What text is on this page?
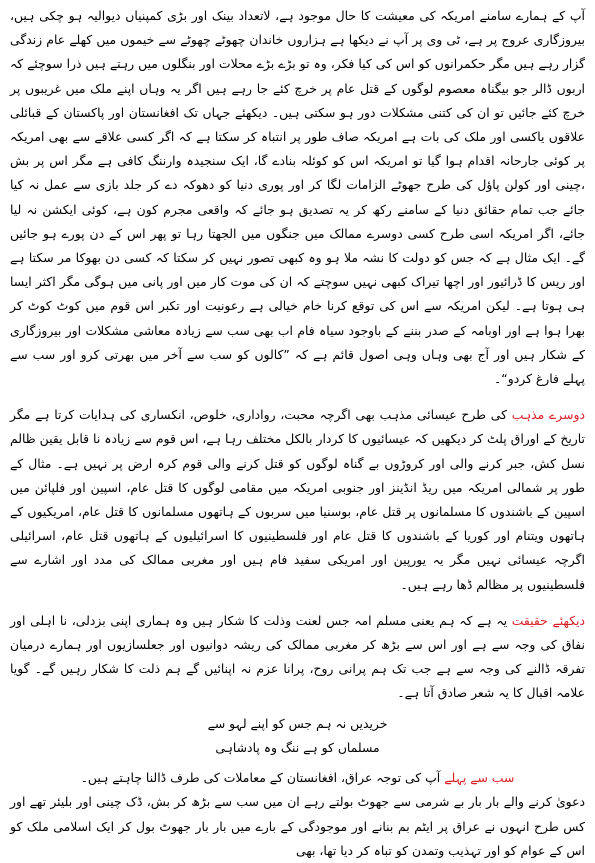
آپ کے ہمارے سامنے امریکہ کی معیشت کا حال موجود ہے، لاتعداد بینک اور بڑی کمپنیاں دیوالیہ ہو چکی ہیں، بیروزگاری عروج پر ہے، ٹی وی پر آپ نے دیکھا ہے ہزاروں خاندان چھوٹے چھوٹے سے خیموں میں کھلے عام زندگی گزار رہے ہیں مگر حکمرانوں کو اس کی کیا فکر، وہ تو بڑے بڑے محلات اور بنگلوں میں رہتے ہیں ذرا سوچئے کہ اربوں ڈالر جو بیگناہ معصوم لوگوں کے قتل عام پر خرچ کئے جا رہے ہیں اگر یہ وہاں اپنے ملک میں غریبوں پر خرچ کئے جائیں تو ان کی کتنی مشکلات دور ہو سکتی ہیں۔ دیکھئے جہاں تک افغانستان اور پاکستان کے قبائلی علاقوں یاکسی اور ملک کی بات ہے امریکہ صاف طور پر انتباہ کر سکتا ہے کہ اگر کسی علاقے سے بھی امریکہ پر کوئی جارحانہ اقدام ہوا گیا تو امریکہ اس کو کوئلہ بنادے گا، ایک سنجیدہ وارننگ کافی ہے مگر اس پر بش ،چینی اور کولن پاؤل کی طرح جھوٹے الزامات لگا کر اور پوری دنیا کو دھوکہ دے کر جلد بازی سے عمل نہ کیا جائے جب تمام حقائق دنیا کے سامنے رکھ کر یہ تصدیق ہو جائے کہ واقعی مجرم کون ہے، کوئی ایکشن نہ لیا جائے، اگر امریکہ اسی طرح کسی دوسرے ممالک میں جنگوں میں الجھتا رہا تو پھر اس کے دن پورے ہو جائیں گے۔ ایک مثال ہے کہ جس کو دولت کا نشہ ملا ہو وہ کبھی تصور نہیں کر سکتا کہ کسی دن بھوکا مر سکتا ہے اور ریس کا ڈرائیور اور اچھا تیراک کبھی نہیں سوچتے کہ ان کی موت کار میں اور پانی میں ہوگی مگر اکثر ایسا ہی ہوتا ہے۔ لیکن امریکہ سے اس کی توقع کرنا خام خیالی ہے رعونیت اور تکبر اس قوم میں کوٹ کوٹ کر بھرا ہوا ہے اور اوبامہ کے صدر بننے کے باوجود سیاہ فام اب بھی سب سے زیادہ معاشی مشکلات اور بیروزگاری کے شکار ہیں اور آج بھی وہاں وہی اصول قائم ہے کہ ”کالوں کو سب سے آخر میں بھرتی کرو اور سب سے پہلے فارغ کردو“۔

دوسرے مذہب کی طرح عیسائی مذہب بھی اگرچہ محبت، رواداری، خلوص، انکساری کی ہدایات کرتا ہے مگر تاریخ کے اوراق پلٹ کر دیکھیں کہ عیسائیوں کا کردار بالکل مختلف رہا ہے، اس قوم سے زیادہ نا قابل یقین ظالم نسل کش، جبر کرنے والی اور کروڑوں بے گناہ لوگوں کو قتل کرنے والی قوم کرہ ارض پر نہیں ہے۔ مثال کے طور پر شمالی امریکہ میں ریڈ انڈینز اور جنوبی امریکہ میں مقامی لوگوں کا قتل عام، اسپین اور فلپائن میں اسپین کے باشندوں کا مسلمانوں پر قتل عام، بوسنیا میں سربوں کے ہاتھوں مسلمانوں کا قتل عام، امریکیوں کے ہاتھوں ویتنام اور کوریا کے باشندوں کا قتل عام اور فلسطینیوں کا اسرائیلیوں کے ہاتھوں قتل عام، اسرائیلی اگرچہ عیسائی نہیں مگر یہ یورپین اور امریکی سفید فام ہیں اور مغربی ممالک کی مدد اور اشارے سے فلسطینیوں پر مظالم ڈھا رہے ہیں۔

دیکھئے حقیقت یہ ہے کہ ہم یعنی مسلم امہ جس لعنت وذلت کا شکار ہیں وہ ہماری اپنی بزدلی، نا اہلی اور نفاق کی وجہ سے ہے اور اس سے بڑھ کر مغربی ممالک کی ریشہ دوانیوں اور جعلسازیوں اور ہمارے درمیان تفرقہ ڈالنے کی وجہ سے ہے جب تک ہم پرانی روح، پرانا عزم نہ اپنائیں گے ہم ذلت کا شکار رہیں گے۔ گویا علامہ اقبال کا یہ شعر صادق آتا ہے۔

خریدیں نہ ہم جس کو اپنے لہو سے
مسلماں کو ہے ننگ وہ پادشاہی

سب سے پہلے آپ کی توجہ عراق، افغانستان کے معاملات کی طرف ڈالنا چاہتے ہیں۔

دعویٰ کرنے والے بار بار بے شرمی سے جھوٹ بولتے رہے ان میں سب سے بڑھ کر بش، ڈک چینی اور بلیئر تھے اور کس طرح انہوں نے عراق پر ایٹم بم بنانے اور موجودگی کے بارے میں بار بار جھوٹ بول کر ایک اسلامی ملک کو اس کے عوام کو اور تہذیب وتمدن کو تباہ کر دیا تھا، بھی
